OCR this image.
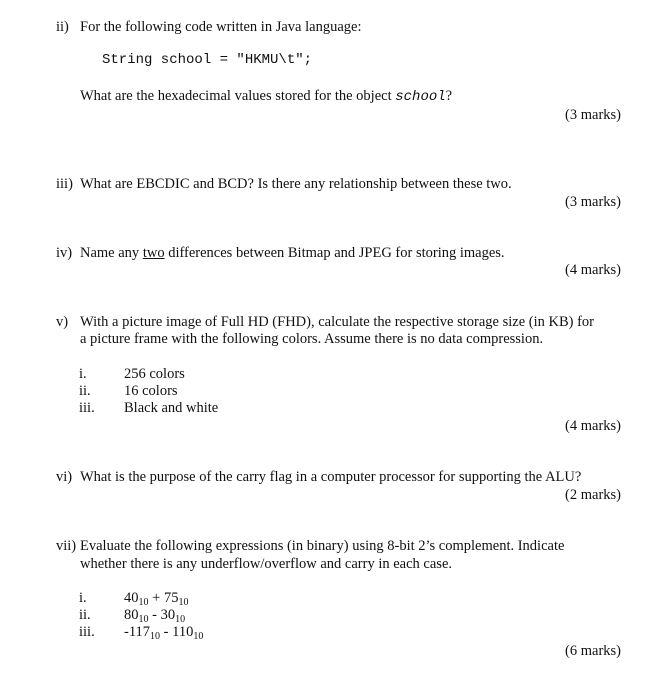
ii) For the following code written in Java language:
String school = "HKMU\t";
What are the hexadecimal values stored for the object school?
(3 marks)
iii) What are EBCDIC and BCD? Is there any relationship between these two.
(3 marks)
iv) Name any two differences between Bitmap and JPEG for storing images.
(4 marks)
v) With a picture image of Full HD (FHD), calculate the respective storage size (in KB) for
a picture frame with the following colors. Assume there is no data compression.
i.	256 colors
ii. 16 colors
iii. Black and white
(4 marks)
vi) What is the purpose of the carry flag in a computer processor for supporting the ALU?
(2 marks)
vii) Evaluate the following expressions (in binary) using 8-bit 2’s complement. Indicate
whether there is any underflow/overflow and carry in each case.
i.	$40_{10} + 75_{10}$
ii. $80_{10} - 30_{10}$
iii. $-117_{10} - 110_{10}$
(6 marks)
